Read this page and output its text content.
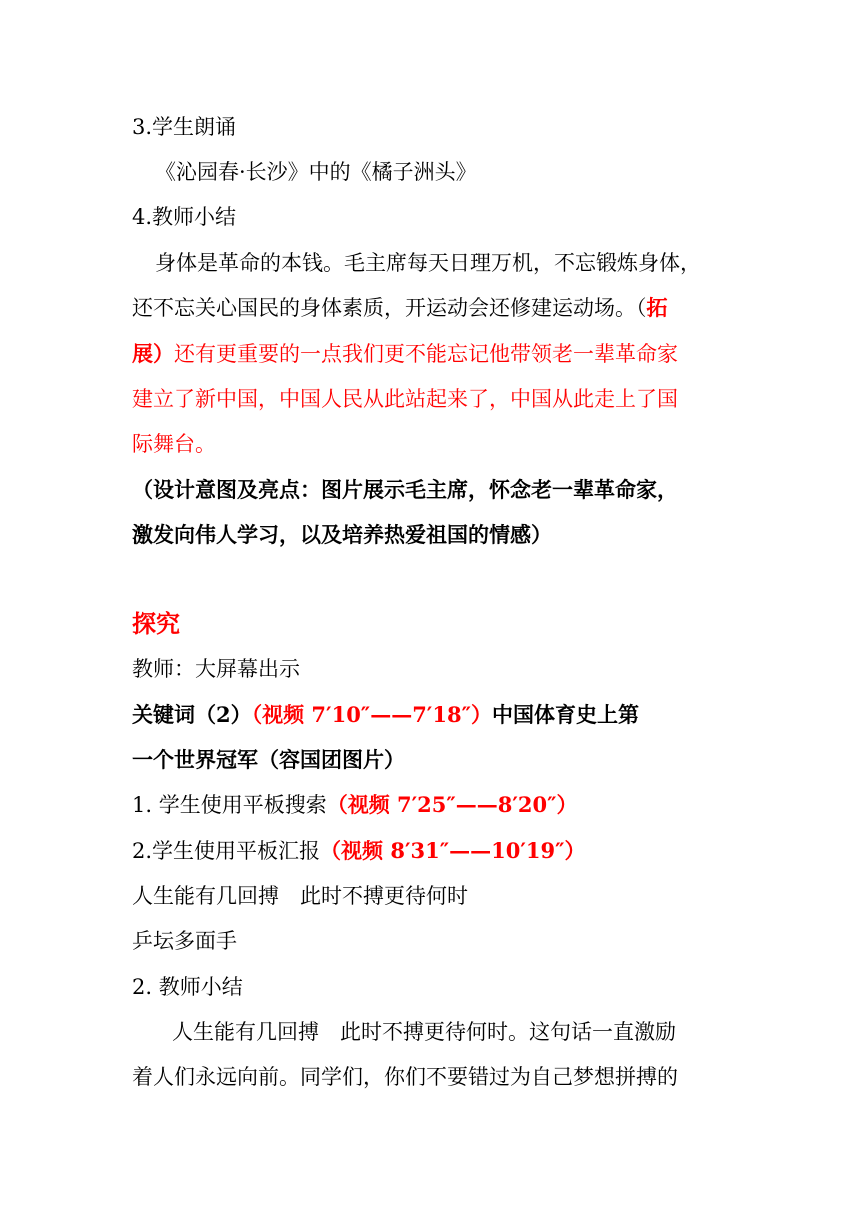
3.学生朗诵
《沁园春·长沙》中的《橘子洲头》
4.教师小结
身体是革命的本钱。毛主席每天日理万机，不忘锻炼身体，
还不忘关心国民的身体素质，开运动会还修建运动场。（拓
展）还有更重要的一点我们更不能忘记他带领老一辈革命家
建立了新中国，中国人民从此站起来了，中国从此走上了国
际舞台。
（设计意图及亮点：图片展示毛主席，怀念老一辈革命家，
激发向伟人学习，以及培养热爱祖国的情感）
探究
教师：大屏幕出示
关键词（2）（视频 7′10″——7′18″）中国体育史上第
一个世界冠军（容国团图片）
1. 学生使用平板搜索（视频 7′25″——8′20″）
2.学生使用平板汇报（视频 8′31″——10′19″）
人生能有几回搏　此时不搏更待何时
乒坛多面手
2. 教师小结
人生能有几回搏　此时不搏更待何时。这句话一直激励
着人们永远向前。同学们，你们不要错过为自己梦想拼搏的
